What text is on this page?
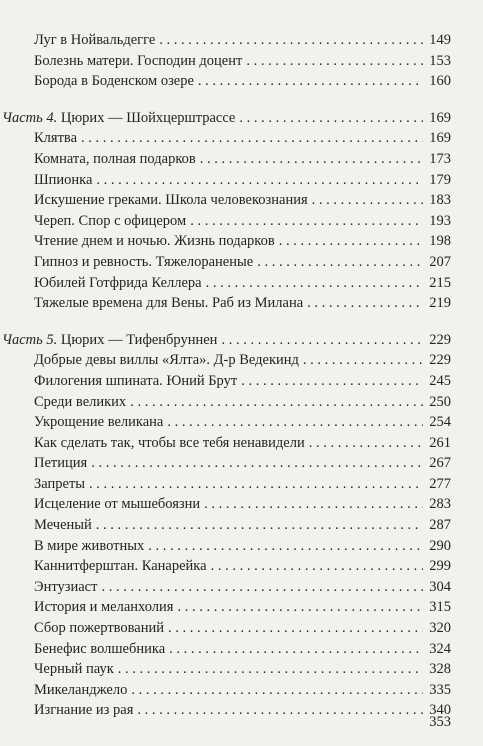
Луг в Нойвальдегге . . .	149
Болезнь матери. Господин доцент . . .	153
Борода в Боденском озере . . .	160
Часть 4. Цюрих — Шойхцерштрассе . . .	169
Клятва . . .	169
Комната, полная подарков . . .	173
Шпионка . . .	179
Искушение греками. Школа человекознания . . .	183
Череп. Спор с офицером . . .	193
Чтение днем и ночью. Жизнь подарков . . .	198
Гипноз и ревность. Тяжелораненые . . .	207
Юбилей Готфрида Келлера . . .	215
Тяжелые времена для Вены. Раб из Милана . . .	219
Часть 5. Цюрих — Тифенбруннен . . .	229
Добрые девы виллы «Ялта». Д-р Ведекинд . . .	229
Филогения шпината. Юний Брут . . .	245
Среди великих . . .	250
Укрощение великана . . .	254
Как сделать так, чтобы все тебя ненавидели . . .	261
Петиция . . .	267
Запреты . . .	277
Исцеление от мышебоязни . . .	283
Меченый . . .	287
В мире животных . . .	290
Каннитферштан. Канарейка . . .	299
Энтузиаст . . .	304
История и меланхолия . . .	315
Сбор пожертвований . . .	320
Бенефис волшебника . . .	324
Черный паук . . .	328
Микеланджело . . .	335
Изгнание из рая . . .	340
353
